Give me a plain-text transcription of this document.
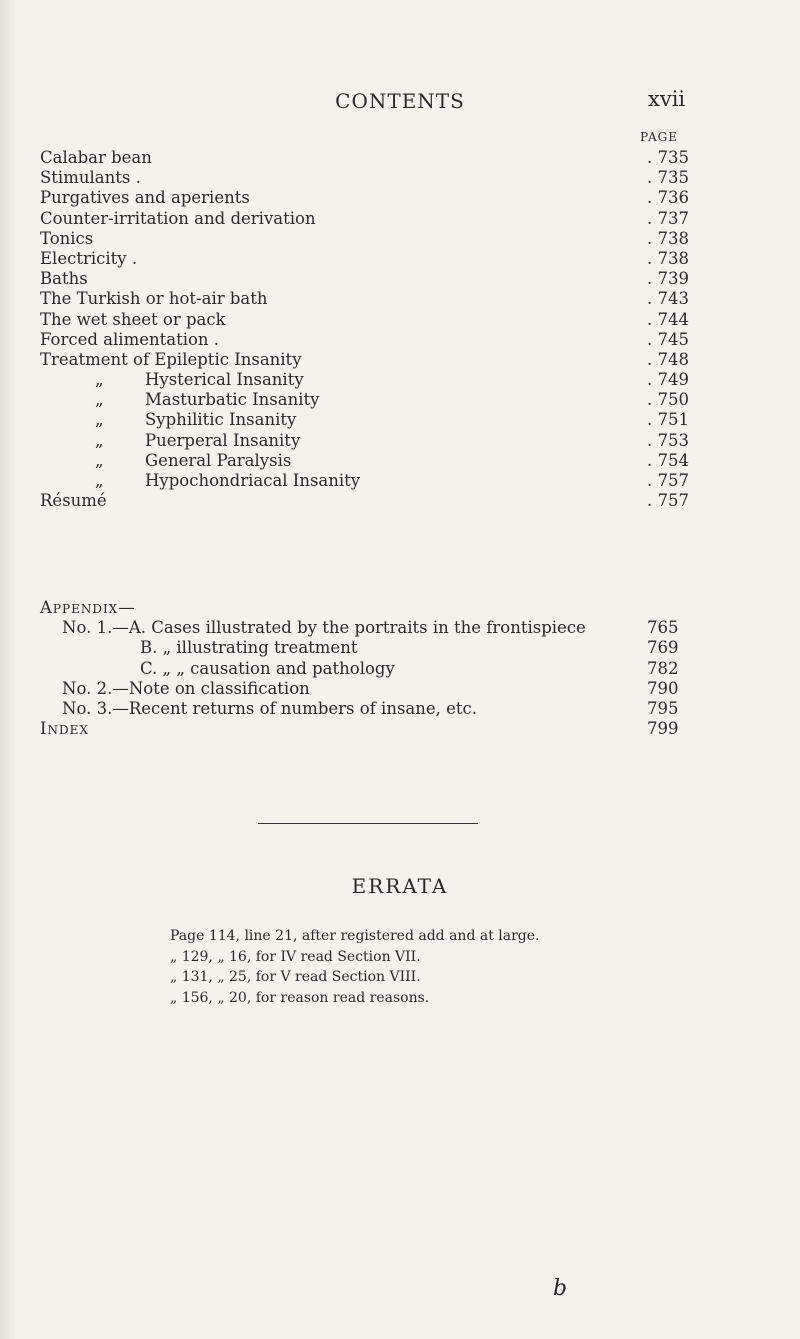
CONTENTS	xvii
PAGE
Calabar bean	. 735
Stimulants .	. 735
Purgatives and aperients	. 736
Counter-irritation and derivation	. 737
Tonics	. 738
Electricity .	. 738
Baths	. 739
The Turkish or hot-air bath	. 743
The wet sheet or pack	. 744
Forced alimentation .	. 745
Treatment of Epileptic Insanity	. 748
„	Hysterical Insanity	. 749
„	Masturbatic Insanity	. 750
„	Syphilitic Insanity	. 751
„	Puerperal Insanity	. 753
„	General Paralysis	. 754
„	Hypochondriacal Insanity	. 757
Résumé	. 757
Appendix—
No. 1.—A. Cases illustrated by the portraits in the frontispiece	765
B. „ illustrating treatment	769
C. „ „ causation and pathology	782
No. 2.—Note on classification	790
No. 3.—Recent returns of numbers of insane, etc.	795
Index	799
ERRATA
Page 114, line 21, after registered add and at large.
„ 129, „ 16, for IV read Section VII.
„ 131, „ 25, for V read Section VIII.
„ 156, „ 20, for reason read reasons.
b
